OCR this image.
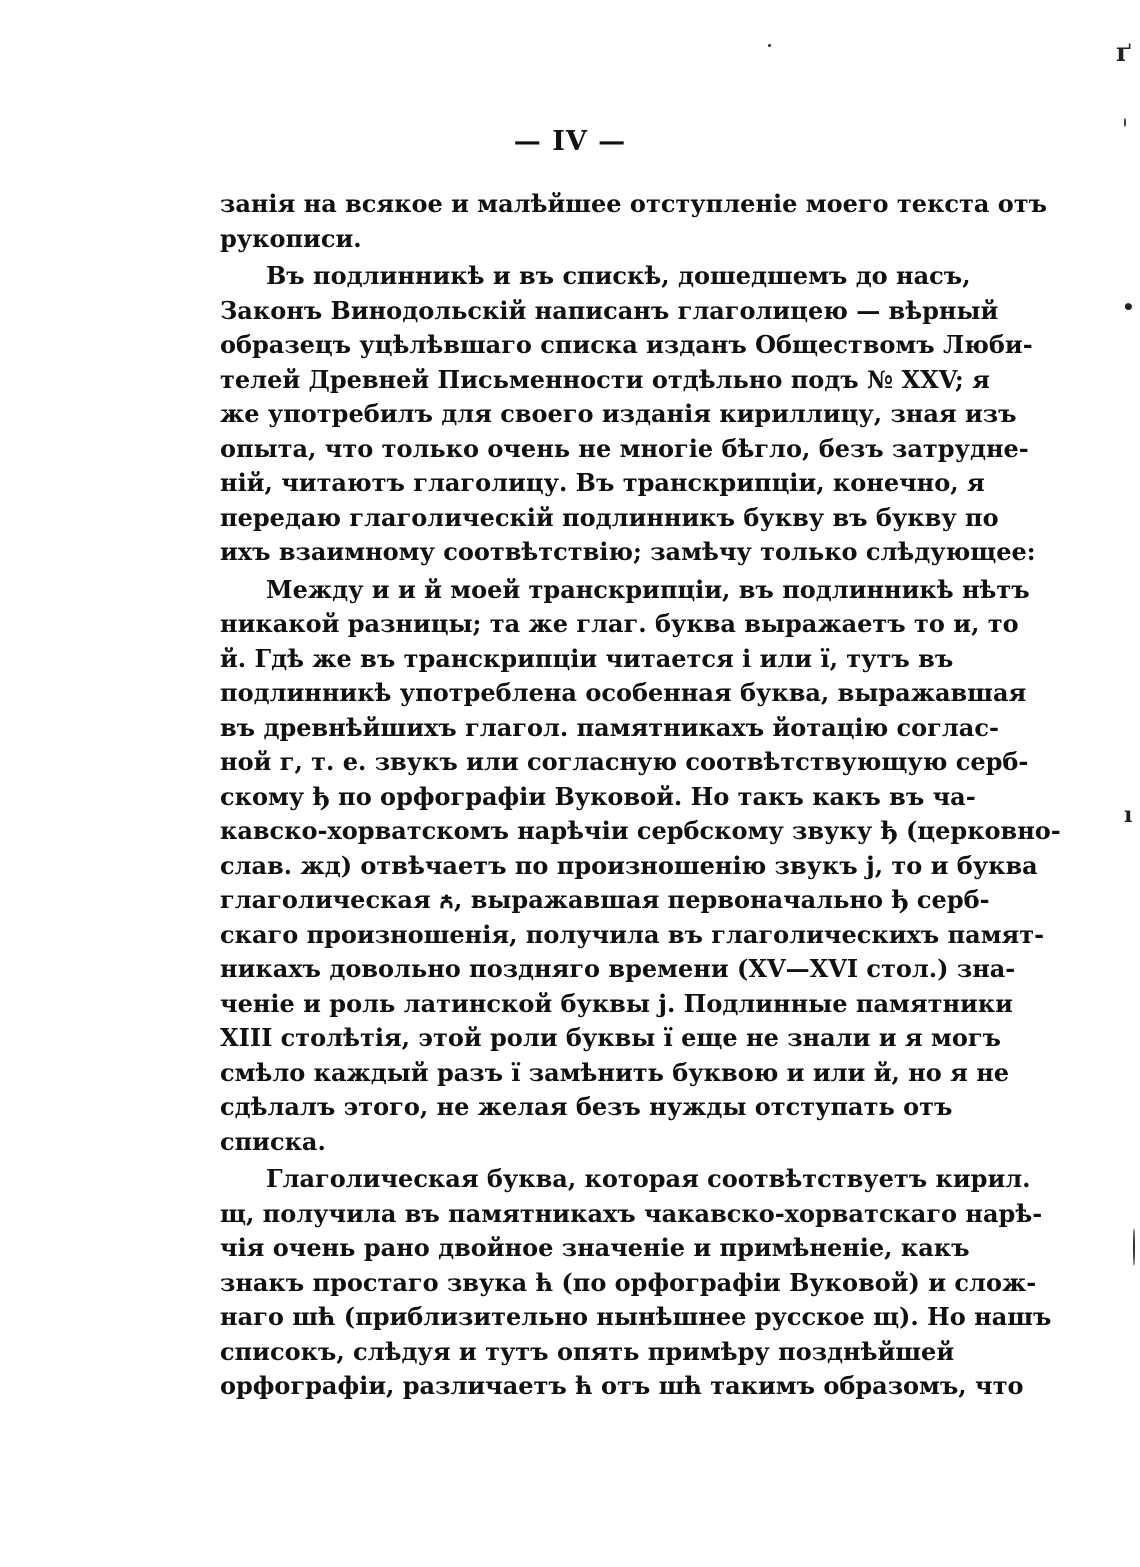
— IV —
занія на всякое и малѣйшее отступленіе моего текста отъ
рукописи.
Въ подлинникѣ и въ спискѣ, дошедшемъ до насъ,
Законъ Винодольскій написанъ глаголицею — вѣрный
образецъ уцѣлѣвшаго списка изданъ Обществомъ Люби-
телей Древней Письменности отдѣльно подъ № XXV; я
же употребилъ для своего изданія кириллицу, зная изъ
опыта, что только очень не многіе бѣгло, безъ затрудне-
ній, читаютъ глаголицу. Въ транскрипціи, конечно, я
передаю глаголическій подлинникъ букву въ букву по
ихъ взаимному соотвѣтствію; замѣчу только слѣдующее:
Между и и й моей транскрипціи, въ подлинникѣ нѣтъ
никакой разницы; та же глаг. буква выражаетъ то и, то
й. Гдѣ же въ транскрипціи читается і или ї, тутъ въ
подлинникѣ употреблена особенная буква, выражавшая
въ древнѣйшихъ глагол. памятникахъ йотацію соглас-
ной г, т. е. звукъ или согласную соотвѣтствующую серб-
скому ђ по орфографіи Вуковой. Но такъ какъ въ ча-
кавско-хорватскомъ нарѣчіи сербскому звуку ђ (церковно-
слав. жд) отвѣчаетъ по произношенію звукъ j, то и буква
глаголическая ꙉ, выражавшая первоначально ђ серб-
скаго произношенія, получила въ глаголическихъ памят-
никахъ довольно поздняго времени (XV—XVI стол.) зна-
ченіе и роль латинской буквы j. Подлинные памятники
XIII столѣтія, этой роли буквы ї еще не знали и я могъ
смѣло каждый разъ ї замѣнить буквою и или й, но я не
сдѣлалъ этого, не желая безъ нужды отступать отъ
списка.
Глаголическая буква, которая соотвѣтствуетъ кирил.
щ, получила въ памятникахъ чакавско-хорватскаго нарѣ-
чія очень рано двойное значеніе и примѣненіе, какъ
знакъ простаго звука ћ (по орфографіи Вуковой) и слож-
наго шћ (приблизительно нынѣшнее русское щ). Но нашъ
списокъ, слѣдуя и тутъ опять примѣру позднѣйшей
орфографіи, различаетъ ћ отъ шћ такимъ образомъ, что
ґ
•
ı
